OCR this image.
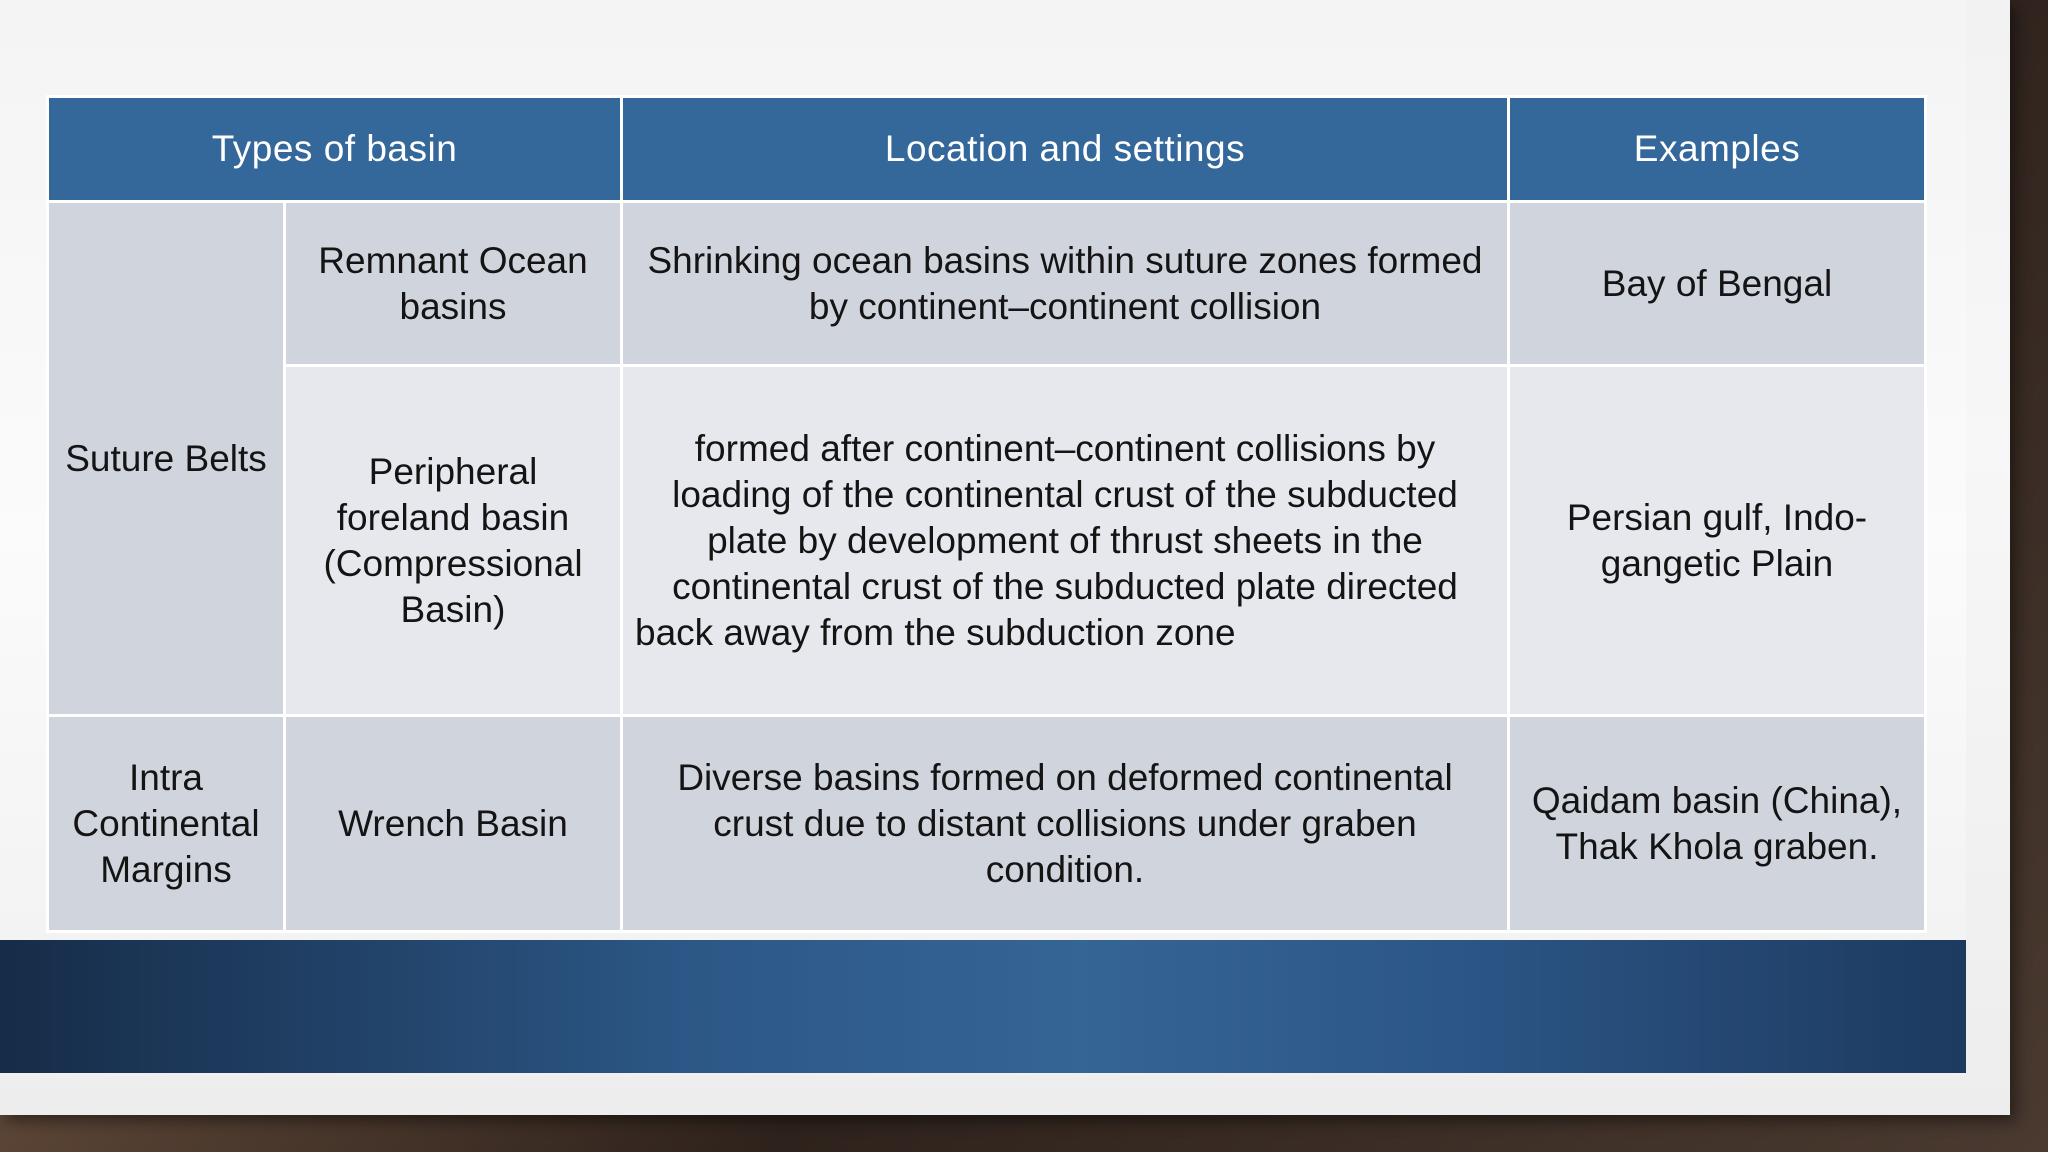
Types of basin		Location and settings	Examples
Suture Belts	Remnant Ocean basins	Shrinking ocean basins within suture zones formed by continent–continent collision	Bay of Bengal
	Peripheral foreland basin (Compressional Basin)	formed after continent–continent collisions by loading of the continental crust of the subducted plate by development of thrust sheets in the continental crust of the subducted plate directed back away from the subduction zone	Persian gulf, Indo-gangetic Plain
Intra Continental Margins	Wrench Basin	Diverse basins formed on deformed continental crust due to distant collisions under graben condition.	Qaidam basin (China), Thak Khola graben.
